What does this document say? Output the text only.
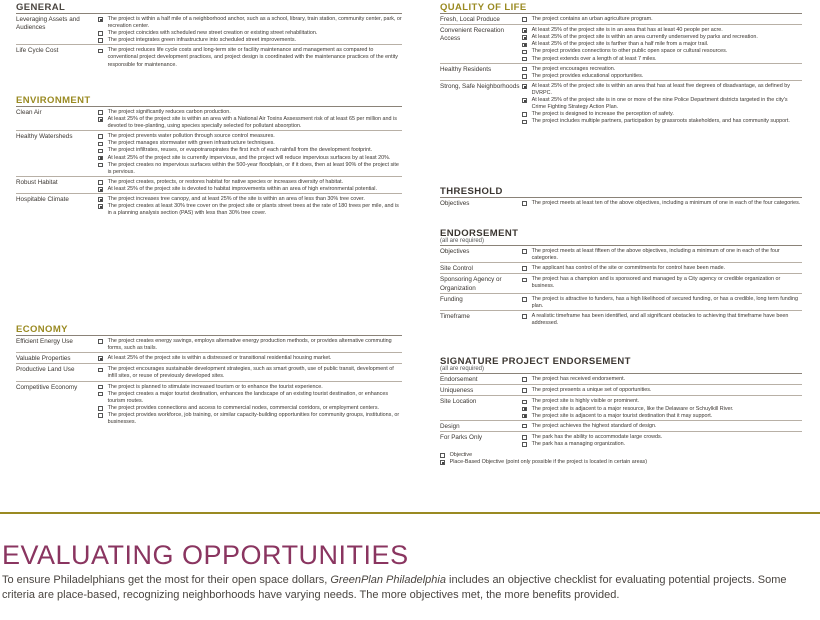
GENERAL
Leveraging Assets and Audiences
The project is within a half mile of a neighborhood anchor, such as a school, library, train station, community center, park, or recreation center.
The project coincides with scheduled new street creation or existing street rehabilitation.
The project integrates green infrastructure into scheduled street improvements.
Life Cycle Cost	The project reduces life cycle costs and long-term site or facility maintenance and management as compared to conventional project development practices, and project design is coordinated with the maintenance practices of the entity responsible for maintenance.
ENVIRONMENT
Clean Air	The project significantly reduces carbon production.
At least 25% of the project site is within an area with a National Air Toxins Assessment risk of at least 65 per million and is devoted to tree-planting, using species specially selected for pollutant absorption.
Healthy Watersheds	The project prevents water pollution through source control measures.
The project manages stormwater with green infrastructure techniques.
The project infiltrates, reuses, or evapotranspirates the first inch of each rainfall from the development footprint.
At least 25% of the project site is currently impervious, and the project will reduce impervious surfaces by at least 20%.
The project creates no impervious surfaces within the 500-year floodplain, or if it does, then at least 90% of the project site is pervious.
Robust Habitat	The project creates, protects, or restores habitat for native species or increases diversity of habitat.
At least 25% of the project site is devoted to habitat improvements within an area of high environmental potential.
Hospitable Climate	The project increases tree canopy, and at least 25% of the site is within an area of less than 30% tree cover.
The project creates at least 30% tree cover on the project site or plants street trees at the rate of 180 trees per mile, and is in a planning analysis section (PAS) with less than 30% tree cover.
ECONOMY
Efficient Energy Use	The project creates energy savings, employs alternative energy production methods, or provides alternative commuting forms, such as trails.
Valuable Properties	At least 25% of the project site is within a distressed or transitional residential housing market.
Productive Land Use	The project encourages sustainable development strategies, such as smart growth, use of public transit, development of infill sites, or reuse of previously developed sites.
Competitive Economy	The project is planned to stimulate increased tourism or to enhance the tourist experience.
The project creates a major tourist destination, enhances the landscape of an existing tourist destination, or enhances tourism routes.
The project provides connections and access to commercial nodes, commercial corridors, or employment centers.
The project provides workforce, job training, or similar capacity-building opportunities for community groups, institutions, or businesses.
QUALITY OF LIFE
Fresh, Local Produce	The project contains an urban agriculture program.
Convenient Recreation Access
At least 25% of the project site is in an area that has at least 40 people per acre.
At least 25% of the project site is within an area currently underserved by parks and recreation.
At least 25% of the project site is farther than a half mile from a major trail.
The project provides connections to other public open space or cultural resources.
The project extends over a length of at least 7 miles.
Healthy Residents	The project encourages recreation.
The project provides educational opportunities.
Strong, Safe Neighborhoods	At least 25% of the project site is within an area that has at least five degrees of disadvantage, as defined by DVRPC.
At least 25% of the project site is in one or more of the nine Police Department districts targeted in the city's Crime Fighting Strategy Action Plan.
The project is designed to increase the perception of safety.
The project includes multiple partners, participation by grassroots stakeholders, and has community support.
THRESHOLD
Objectives	The project meets at least ten of the above objectives, including a minimum of one in each of the four categories.
ENDORSEMENT
(all are required)
Objectives	The project meets at least fifteen of the above objectives, including a minimum of one in each of the four categories.
Site Control	The applicant has control of the site or commitments for control have been made.
Sponsoring Agency or Organization
The project has a champion and is sponsored and managed by a City agency or credible organization or business.
Funding	The project is attractive to funders, has a high likelihood of secured funding, or has a credible, long term funding plan.
Timeframe	A realistic timeframe has been identified, and all significant obstacles to achieving that timeframe have been addressed.
SIGNATURE PROJECT ENDORSEMENT
(all are required)
Endorsement	The project has received endorsement.
Uniqueness	The project presents a unique set of opportunities.
Site Location	The project site is highly visible or prominent.
The project site is adjacent to a major resource, like the Delaware or Schuylkill River.
The project site is adjacent to a major tourist destination that it may support.
Design	The project achieves the highest standard of design.
For Parks Only	The park has the ability to accommodate large crowds.
The park has a managing organization.
Objective
Place-Based Objective (point only possible if the project is located in certain areas)
EVALUATING OPPORTUNITIES

To ensure Philadelphians get the most for their open space dollars, GreenPlan Philadelphia includes an objective checklist for evaluating potential projects. Some criteria are place-based, recognizing neighborhoods have varying needs. The more objectives met, the more benefits provided.
